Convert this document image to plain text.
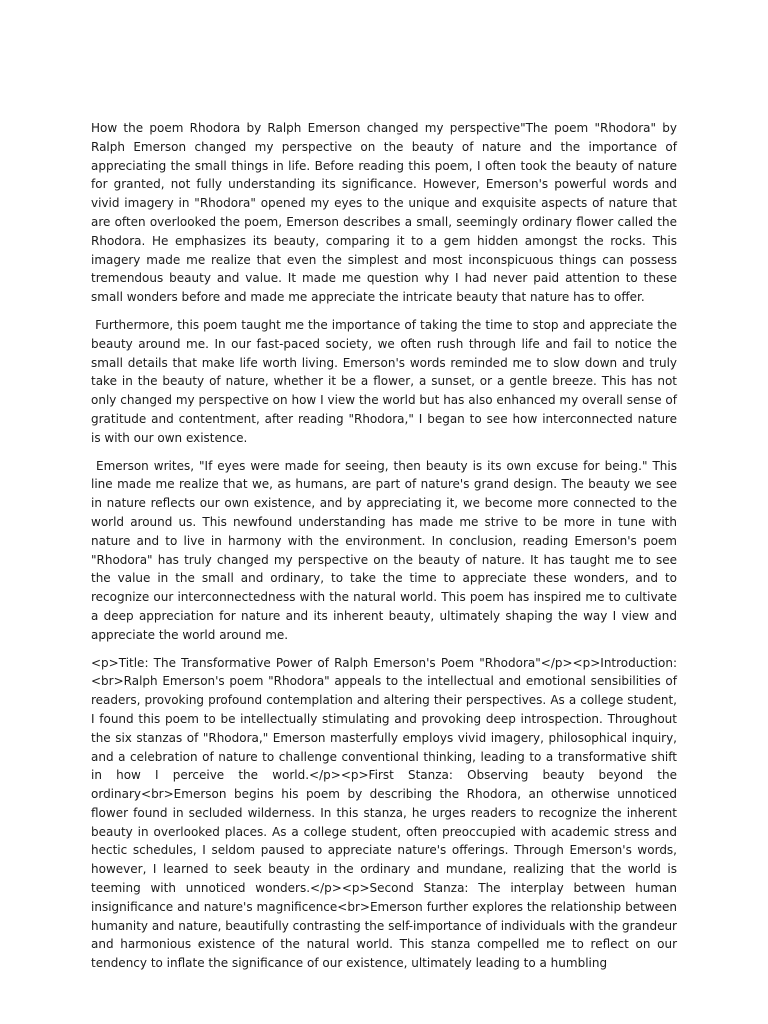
How the poem Rhodora by Ralph Emerson changed my perspective"The poem "Rhodora" by Ralph Emerson changed my perspective on the beauty of nature and the importance of appreciating the small things in life. Before reading this poem, I often took the beauty of nature for granted, not fully understanding its significance. However, Emerson's powerful words and vivid imagery in "Rhodora" opened my eyes to the unique and exquisite aspects of nature that are often overlooked the poem, Emerson describes a small, seemingly ordinary flower called the Rhodora. He emphasizes its beauty, comparing it to a gem hidden amongst the rocks. This imagery made me realize that even the simplest and most inconspicuous things can possess tremendous beauty and value. It made me question why I had never paid attention to these small wonders before and made me appreciate the intricate beauty that nature has to offer.

Furthermore, this poem taught me the importance of taking the time to stop and appreciate the beauty around me. In our fast-paced society, we often rush through life and fail to notice the small details that make life worth living. Emerson's words reminded me to slow down and truly take in the beauty of nature, whether it be a flower, a sunset, or a gentle breeze. This has not only changed my perspective on how I view the world but has also enhanced my overall sense of gratitude and contentment, after reading "Rhodora," I began to see how interconnected nature is with our own existence.

Emerson writes, "If eyes were made for seeing, then beauty is its own excuse for being." This line made me realize that we, as humans, are part of nature's grand design. The beauty we see in nature reflects our own existence, and by appreciating it, we become more connected to the world around us. This newfound understanding has made me strive to be more in tune with nature and to live in harmony with the environment. In conclusion, reading Emerson's poem "Rhodora" has truly changed my perspective on the beauty of nature. It has taught me to see the value in the small and ordinary, to take the time to appreciate these wonders, and to recognize our interconnectedness with the natural world. This poem has inspired me to cultivate a deep appreciation for nature and its inherent beauty, ultimately shaping the way I view and appreciate the world around me.

<p>Title: The Transformative Power of Ralph Emerson's Poem "Rhodora"</p><p>Introduction:<br>Ralph Emerson's poem "Rhodora" appeals to the intellectual and emotional sensibilities of readers, provoking profound contemplation and altering their perspectives. As a college student, I found this poem to be intellectually stimulating and provoking deep introspection. Throughout the six stanzas of "Rhodora," Emerson masterfully employs vivid imagery, philosophical inquiry, and a celebration of nature to challenge conventional thinking, leading to a transformative shift in how I perceive the world.</p><p>First Stanza: Observing beauty beyond the ordinary<br>Emerson begins his poem by describing the Rhodora, an otherwise unnoticed flower found in secluded wilderness. In this stanza, he urges readers to recognize the inherent beauty in overlooked places. As a college student, often preoccupied with academic stress and hectic schedules, I seldom paused to appreciate nature's offerings. Through Emerson's words, however, I learned to seek beauty in the ordinary and mundane, realizing that the world is teeming with unnoticed wonders.</p><p>Second Stanza: The interplay between human insignificance and nature's magnificence<br>Emerson further explores the relationship between humanity and nature, beautifully contrasting the self-importance of individuals with the grandeur and harmonious existence of the natural world. This stanza compelled me to reflect on our tendency to inflate the significance of our existence, ultimately leading to a humbling
